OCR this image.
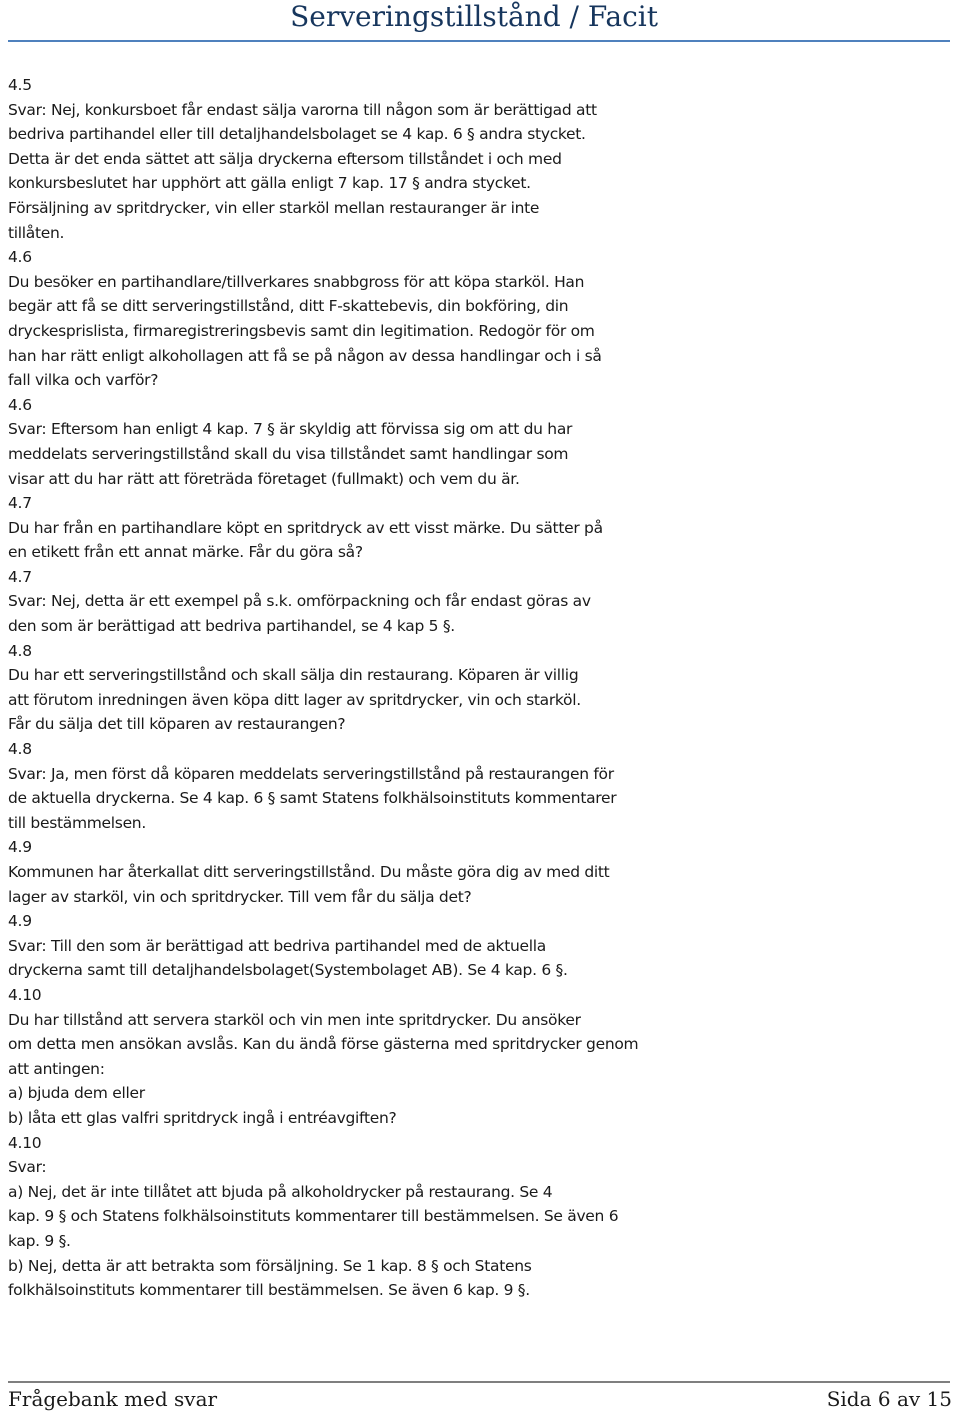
Serveringstillstånd / Facit
4.5
Svar: Nej, konkursboet får endast sälja varorna till någon som är berättigad att
bedriva partihandel eller till detaljhandelsbolaget se 4 kap. 6 § andra stycket.
Detta är det enda sättet att sälja dryckerna eftersom tillståndet i och med
konkursbeslutet har upphört att gälla enligt 7 kap. 17 § andra stycket.
Försäljning av spritdrycker, vin eller starköl mellan restauranger är inte
tillåten.
4.6
Du besöker en partihandlare/tillverkares snabbgross för att köpa starköl. Han
begär att få se ditt serveringstillstånd, ditt F-skattebevis, din bokföring, din
dryckesprislista, firmaregistreringsbevis samt din legitimation. Redogör för om
han har rätt enligt alkohollagen att få se på någon av dessa handlingar och i så
fall vilka och varför?
4.6
Svar: Eftersom han enligt 4 kap. 7 § är skyldig att förvissa sig om att du har
meddelats serveringstillstånd skall du visa tillståndet samt handlingar som
visar att du har rätt att företräda företaget (fullmakt) och vem du är.
4.7
Du har från en partihandlare köpt en spritdryck av ett visst märke. Du sätter på
en etikett från ett annat märke. Får du göra så?
4.7
Svar: Nej, detta är ett exempel på s.k. omförpackning och får endast göras av
den som är berättigad att bedriva partihandel, se 4 kap 5 §.
4.8
Du har ett serveringstillstånd och skall sälja din restaurang. Köparen är villig
att förutom inredningen även köpa ditt lager av spritdrycker, vin och starköl.
Får du sälja det till köparen av restaurangen?
4.8
Svar: Ja, men först då köparen meddelats serveringstillstånd på restaurangen för
de aktuella dryckerna. Se 4 kap. 6 § samt Statens folkhälsoinstituts kommentarer
till bestämmelsen.
4.9
Kommunen har återkallat ditt serveringstillstånd. Du måste göra dig av med ditt
lager av starköl, vin och spritdrycker. Till vem får du sälja det?
4.9
Svar: Till den som är berättigad att bedriva partihandel med de aktuella
dryckerna samt till detaljhandelsbolaget(Systembolaget AB). Se 4 kap. 6 §.
4.10
Du har tillstånd att servera starköl och vin men inte spritdrycker. Du ansöker
om detta men ansökan avslås. Kan du ändå förse gästerna med spritdrycker genom
att antingen:
a) bjuda dem eller
b) låta ett glas valfri spritdryck ingå i entréavgiften?
4.10
Svar:
a) Nej, det är inte tillåtet att bjuda på alkoholdrycker på restaurang. Se 4
kap. 9 § och Statens folkhälsoinstituts kommentarer till bestämmelsen. Se även 6
kap. 9 §.
b) Nej, detta är att betrakta som försäljning. Se 1 kap. 8 § och Statens
folkhälsoinstituts kommentarer till bestämmelsen. Se även 6 kap. 9 §.
Frågebank med svar	Sida 6 av 15
